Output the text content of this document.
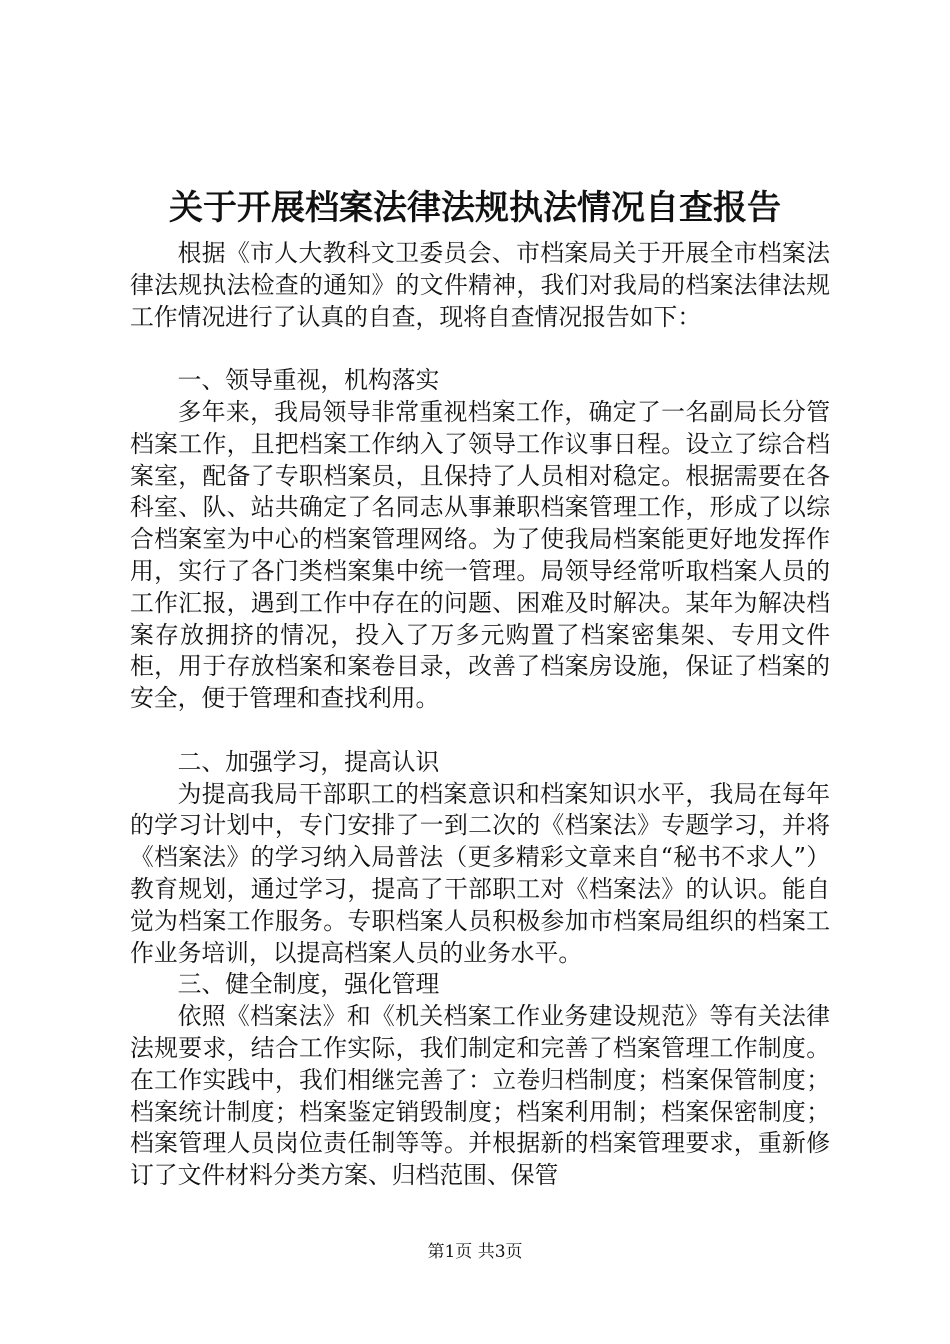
关于开展档案法律法规执法情况自查报告

根据《市人大教科文卫委员会、市档案局关于开展全市档案法律法规执法检查的通知》的文件精神，我们对我局的档案法律法规工作情况进行了认真的自查，现将自查情况报告如下：

一、领导重视，机构落实

多年来，我局领导非常重视档案工作，确定了一名副局长分管档案工作，且把档案工作纳入了领导工作议事日程。设立了综合档案室，配备了专职档案员，且保持了人员相对稳定。根据需要在各科室、队、站共确定了名同志从事兼职档案管理工作，形成了以综合档案室为中心的档案管理网络。为了使我局档案能更好地发挥作用，实行了各门类档案集中统一管理。局领导经常听取档案人员的工作汇报，遇到工作中存在的问题、困难及时解决。某年为解决档案存放拥挤的情况，投入了万多元购置了档案密集架、专用文件柜，用于存放档案和案卷目录，改善了档案房设施，保证了档案的安全，便于管理和查找利用。

二、加强学习，提高认识

为提高我局干部职工的档案意识和档案知识水平，我局在每年的学习计划中，专门安排了一到二次的《档案法》专题学习，并将《档案法》的学习纳入局普法（更多精彩文章来自“秘书不求人”）教育规划，通过学习，提高了干部职工对《档案法》的认识。能自觉为档案工作服务。专职档案人员积极参加市档案局组织的档案工作业务培训，以提高档案人员的业务水平。

三、健全制度，强化管理

依照《档案法》和《机关档案工作业务建设规范》等有关法律法规要求，结合工作实际，我们制定和完善了档案管理工作制度。在工作实践中，我们相继完善了：立卷归档制度；档案保管制度；档案统计制度；档案鉴定销毁制度；档案利用制；档案保密制度；档案管理人员岗位责任制等等。并根据新的档案管理要求，重新修订了文件材料分类方案、归档范围、保管

第1页 共3页
